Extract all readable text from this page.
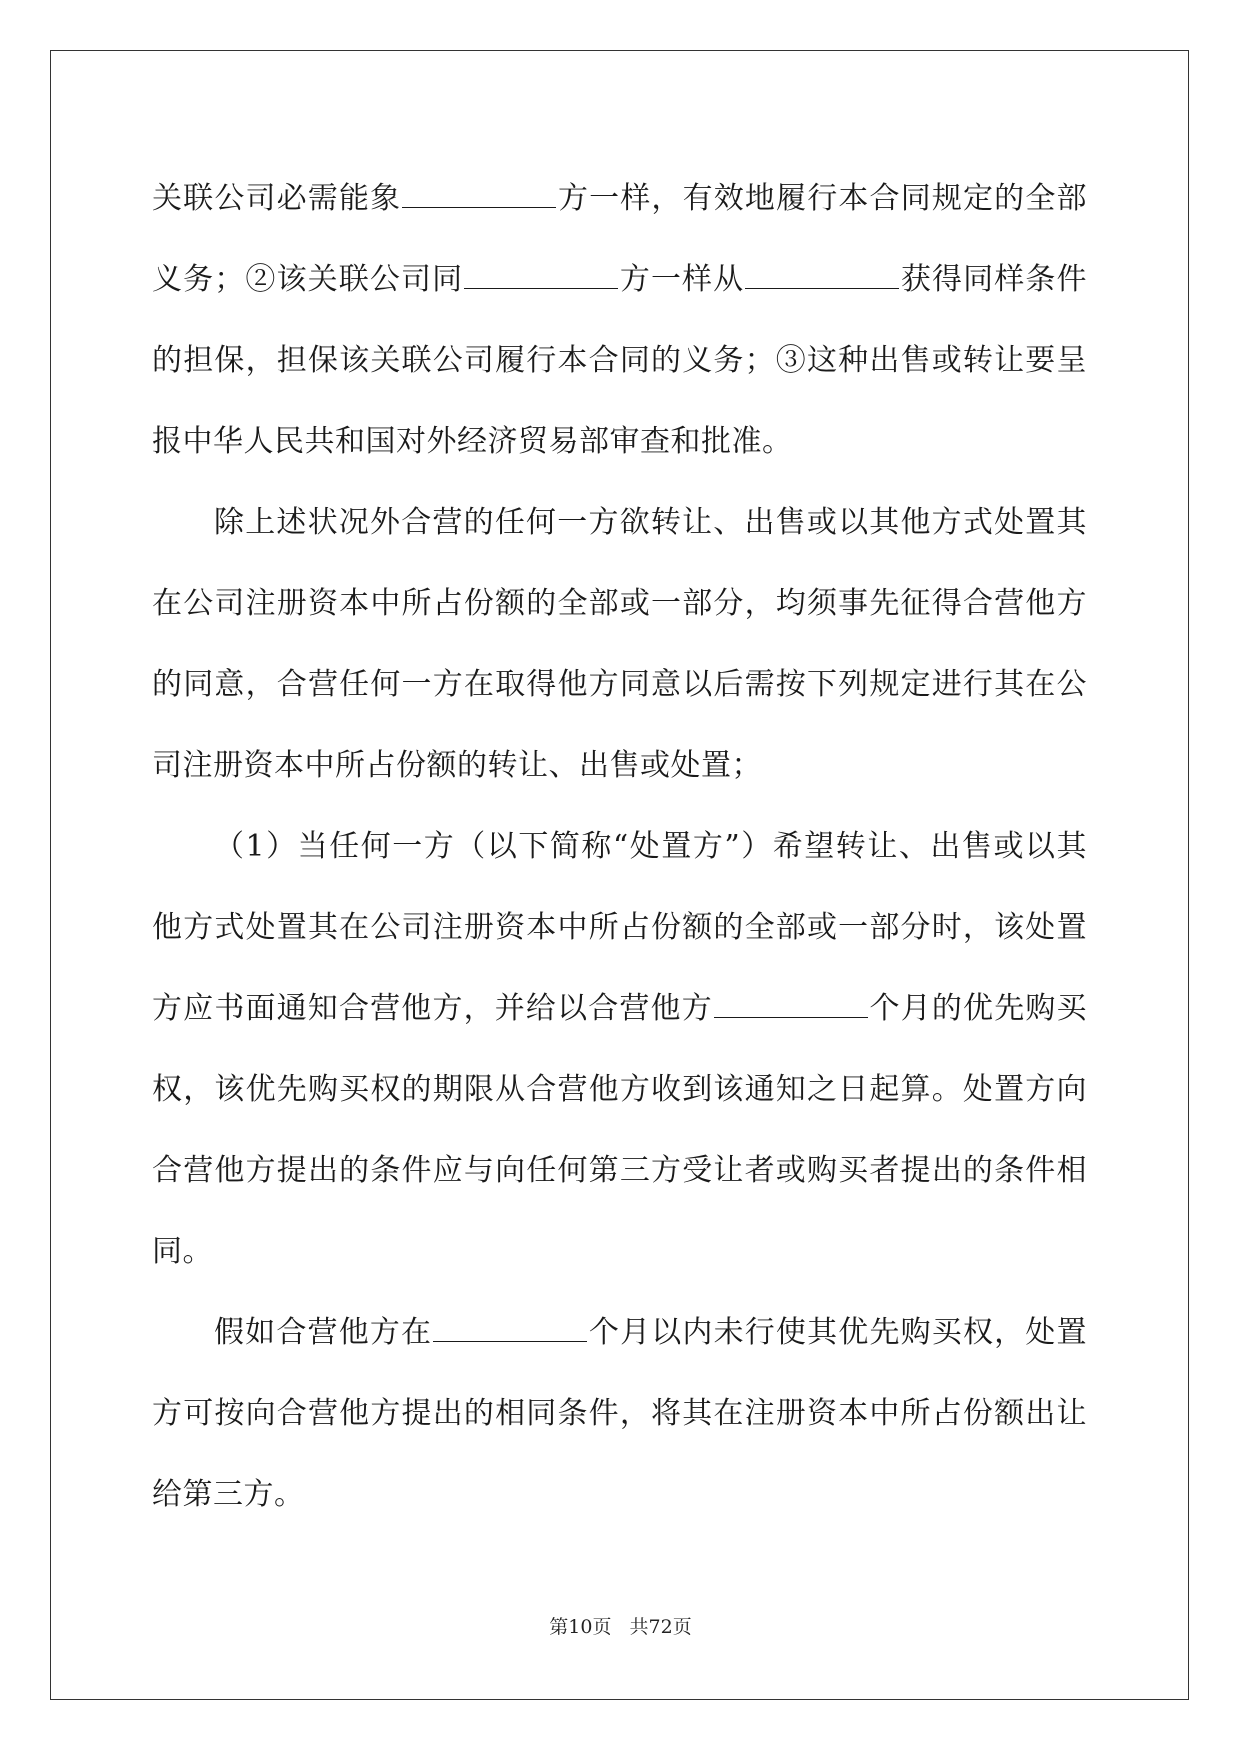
关联公司必需能象	方一样，有效地履行本合同规定的全部义务；②该关联公司同	方一样从	获得同样条件的担保，担保该关联公司履行本合同的义务；③这种出售或转让要呈报中华人民共和国对外经济贸易部审查和批准。

除上述状况外合营的任何一方欲转让、出售或以其他方式处置其在公司注册资本中所占份额的全部或一部分，均须事先征得合营他方的同意，合营任何一方在取得他方同意以后需按下列规定进行其在公司注册资本中所占份额的转让、出售或处置；

（1）当任何一方（以下简称“处置方”）希望转让、出售或以其他方式处置其在公司注册资本中所占份额的全部或一部分时，该处置方应书面通知合营他方，并给以合营他方	个月的优先购买权，该优先购买权的期限从合营他方收到该通知之日起算。处置方向合营他方提出的条件应与向任何第三方受让者或购买者提出的条件相同。

假如合营他方在	个月以内未行使其优先购买权，处置方可按向合营他方提出的相同条件，将其在注册资本中所占份额出让给第三方。

第10页 共72页
